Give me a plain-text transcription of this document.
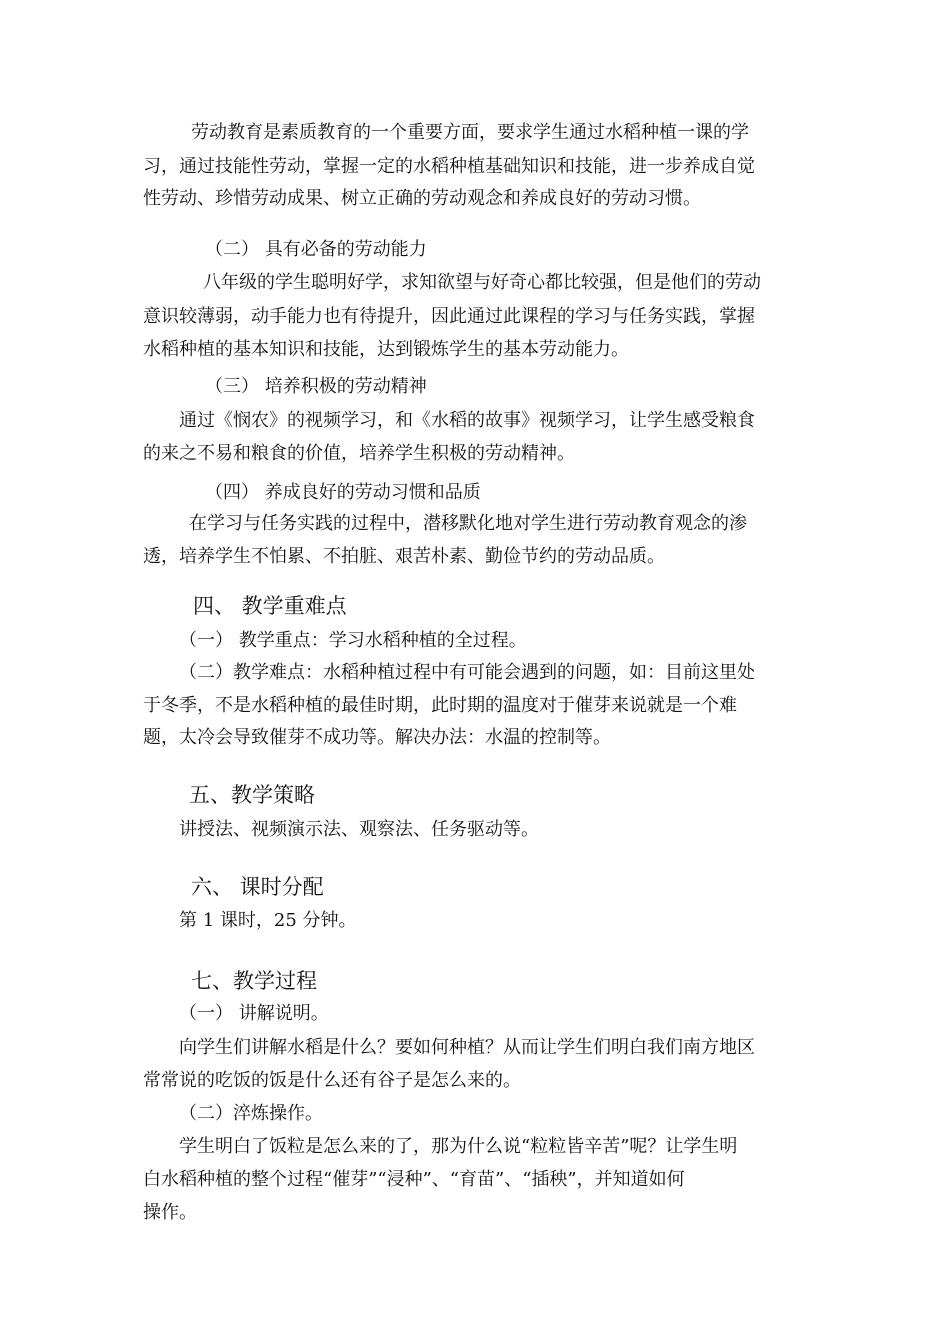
劳动教育是素质教育的一个重要方面，要求学生通过水稻种植一课的学
习，通过技能性劳动，掌握一定的水稻种植基础知识和技能，进一步养成自觉
性劳动、珍惜劳动成果、树立正确的劳动观念和养成良好的劳动习惯。
（二） 具有必备的劳动能力
八年级的学生聪明好学，求知欲望与好奇心都比较强，但是他们的劳动
意识较薄弱，动手能力也有待提升，因此通过此课程的学习与任务实践，掌握
水稻种植的基本知识和技能，达到锻炼学生的基本劳动能力。
（三） 培养积极的劳动精神
通过《悯农》的视频学习，和《水稻的故事》视频学习，让学生感受粮食
的来之不易和粮食的价值，培养学生积极的劳动精神。
（四） 养成良好的劳动习惯和品质
在学习与任务实践的过程中，潜移默化地对学生进行劳动教育观念的渗
透，培养学生不怕累、不拍脏、艰苦朴素、勤俭节约的劳动品质。
四、 教学重难点
（一） 教学重点：学习水稻种植的全过程。
（二）教学难点：水稻种植过程中有可能会遇到的问题，如：目前这里处
于冬季，不是水稻种植的最佳时期，此时期的温度对于催芽来说就是一个难
题，太冷会导致催芽不成功等。解决办法：水温的控制等。
五、教学策略
讲授法、视频演示法、观察法、任务驱动等。
六、 课时分配
第 1 课时，25 分钟。
七、教学过程
（一） 讲解说明。
向学生们讲解水稻是什么？要如何种植？从而让学生们明白我们南方地区
常常说的吃饭的饭是什么还有谷子是怎么来的。
（二）淬炼操作。
学生明白了饭粒是怎么来的了，那为什么说“粒粒皆辛苦”呢？让学生明
白水稻种植的整个过程“催芽”“浸种”、“育苗”、“插秧”，并知道如何
操作。
